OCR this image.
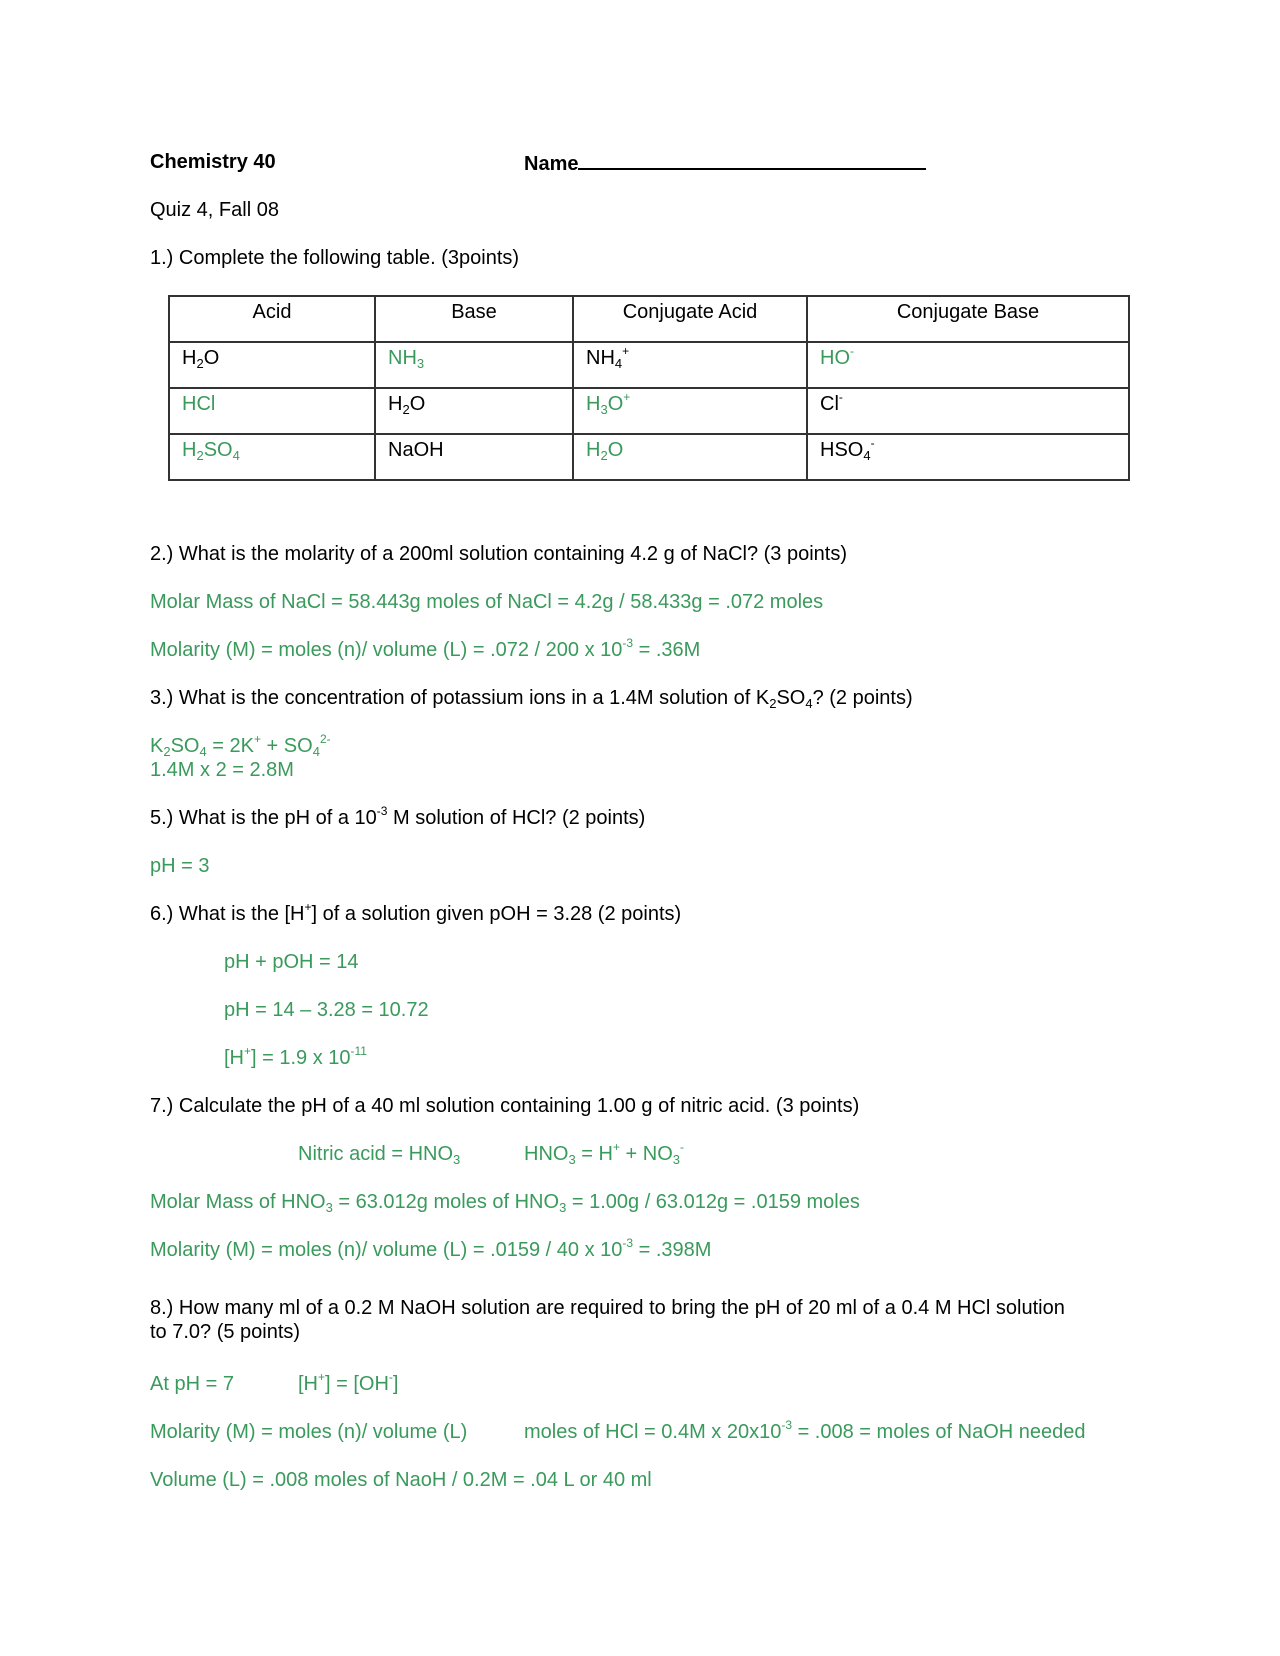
Chemistry 40	Name
Quiz 4, Fall 08
1.) Complete the following table. (3points)
Acid	Base	Conjugate Acid	Conjugate Base
$H_2O$	$NH_3$	$NH_4^+$	HO-
HCl	$H_2O$	$H_3O^+$	Cl-
$H_2SO_4$	NaOH	$H_2O$	$HSO_4^-$
2.) What is the molarity of a 200ml solution containing 4.2 g of NaCl? (3 points)
Molar Mass of NaCl = 58.443g moles of NaCl = 4.2g / 58.433g = .072 moles
Molarity (M) = moles (n)/ volume (L) = .072 / 200 x $10^{-3} = .36M$
3.) What is the concentration of potassium ions in a 1.4M solution of $K_2SO_4$? (2 points)
$K_2SO_4 = 2K^+ + SO_4^{2-}$
1.4M x 2 = 2.8M
5.) What is the pH of a $10^{-3}$ M solution of HCl? (2 points)
pH = 3
6.) What is the [H+] of a solution given pOH = 3.28 (2 points)
pH + pOH = 14
pH = 14 – 3.28 = 10.72
[H+] = 1.9 x $10^{-11}$
7.) Calculate the pH of a 40 ml solution containing 1.00 g of nitric acid. (3 points)
Nitric acid = $HNO_3$	$HNO_3 = H^+ + NO_3^-$
Molar Mass of $HNO_3 = 63.012g$ moles of $HNO_3 = 1.00g / 63.012g = .0159$ moles
Molarity (M) = moles (n)/ volume (L) = .0159 / 40 x $10^{-3} = .398M$
8.) How many ml of a 0.2 M NaOH solution are required to bring the pH of 20 ml of a 0.4 M HCl solution
to 7.0? (5 points)
At pH = 7	[H+] = [OH-]
Molarity (M) = moles (n)/ volume (L)	moles of HCl = 0.4M x $20x10^{-3} = .008$ = moles of NaOH needed
Volume (L) = .008 moles of NaoH / 0.2M = .04 L or 40 ml
